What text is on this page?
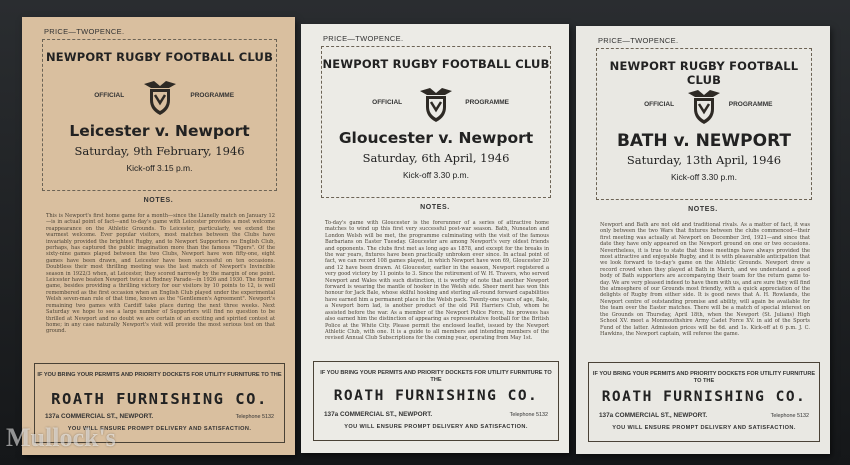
PRICE—TWOPENCE.
NEWPORT RUGBY FOOTBALL CLUB
OFFICIAL	PROGRAMME
Leicester v. Newport
Saturday, 9th February, 1946
Kick-off 3.15 p.m.
NOTES.
This is Newport's first home game for a month—since the Llanelly match on January 12—is in actual point of fact—and to-day's game with Leicester provides a most welcome reappearance on the Athletic Grounds. To Leicester, particularly, we extend the warmest welcome. Ever popular visitors, most matches between the Clubs have invariably provided the brightest Rugby, and to Newport Supporters no English Club, perhaps, has captured the public imagination more than the famous "Tigers". Of the sixty-nine games played between the two Clubs, Newport have won fifty-one, eight games have been drawn, and Leicester have been successful on ten occasions. Doubtless their most thrilling meeting was the last match of Newport's Invincible season in 1922/3 when, at Leicester, they scored narrowly by the margin of one point. Leicester have beaten Newport twice at Rodney Parade—in 1926 and 1930. The former game, besides providing a thrilling victory for our visitors by 10 points to 12, is well remembered as the first occasion when an English Club played under the experimental Welsh seven-man rule of that time, known as the "Gentlemen's Agreement". Newport's remaining two games with Cardiff take place during the next three weeks. Next Saturday we hope to see a large number of Supporters will find no question to be thrilled at Newport and no doubt we are certain of an exciting and spirited contest at home; in any case naturally Newport's visit will provide the most serious test on that ground.
IF YOU BRING YOUR PERMITS AND PRIORITY DOCKETS FOR UTILITY FURNITURE TO THE
ROATH FURNISHING CO.
137a COMMERCIAL ST., NEWPORT.	Telephone 5132
YOU WILL ENSURE PROMPT DELIVERY AND SATISFACTION.
PRICE—TWOPENCE.
NEWPORT RUGBY FOOTBALL CLUB
OFFICIAL	PROGRAMME
Gloucester v. Newport
Saturday, 6th April, 1946
Kick-off 3.30 p.m.
NOTES.
To-day's game with Gloucester is the forerunner of a series of attractive home matches to wind up this first very successful post-war season. Bath, Nuneaton and London Welsh will be met, the programme culminating with the visit of the famous Barbarians on Easter Tuesday. Gloucester are among Newport's very oldest friends and opponents. The clubs first met as long ago as 1878, and except for the breaks in the war years, fixtures have been practically unbroken ever since. In actual point of fact, we can record 108 games played, in which Newport have won 69, Gloucester 20 and 12 have been drawn. At Gloucester, earlier in the season, Newport registered a very good victory by 11 points to 3. Since the retirement of W. H. Travers, who served Newport and Wales with such distinction, it is worthy of note that another Newport forward is wearing the mantle of hooker in the Welsh side. Sheer merit has won this honour for Jack Bale, whose skilful hooking and sterling all-round forward capabilities have earned him a permanent place in the Welsh pack. Twenty-one years of age, Bale, a Newport born lad, is another product of the old Pill Harriers Club, whom he assisted before the war. As a member of the Newport Police Force, his prowess has also earned him the distinction of appearing as representative football for the British Police at the White City. Please permit the enclosed leaflet, issued by the Newport Athletic Club, with one. It is a guide to all members and intending members of the revised Annual Club Subscriptions for the coming year, operating from May 1st.
IF YOU BRING YOUR PERMITS AND PRIORITY DOCKETS FOR UTILITY FURNITURE TO THE
ROATH FURNISHING CO.
137a COMMERCIAL ST., NEWPORT.	Telephone 5132
YOU WILL ENSURE PROMPT DELIVERY AND SATISFACTION.
PRICE—TWOPENCE.
NEWPORT RUGBY FOOTBALL CLUB
OFFICIAL	PROGRAMME
BATH v. NEWPORT
Saturday, 13th April, 1946
Kick-off 3.30 p.m.
NOTES.
Newport and Bath are not old and traditional rivals. As a matter of fact, it was only between the two Wars that fixtures between the clubs commenced—their first meeting was actually at Newport on December 3rd, 1921—and since that date they have only appeared on the Newport ground on one or two occasions. Nevertheless, it is true to state that those meetings have always provided the most attractive and enjoyable Rugby, and it is with pleasurable anticipation that we look forward to to-day's game on the Athletic Grounds. Newport drew a record crowd when they played at Bath in March, and we understand a good body of Bath supporters are accompanying their team for the return game to-day. We are very pleased indeed to have them with us, and are sure they will find the atmosphere of our Grounds most friendly, with a quick appreciation of the delights of Rugby from either side. It is good news that A. H. Rowlands, the Newport centre of outstanding promise and ability, will again be available for the team over the Easter matches. There will be a match of special interest on the Grounds on Thursday, April 18th, when the Newport (St. Julians) High School XV. meet a Monmouthshire Army Cadet Force XV. in aid of the Sports Fund of the latter. Admission prices will be 6d. and 1s. Kick-off at 6 p.m. J. C. Hawkins, the Newport captain, will referee the game.
IF YOU BRING YOUR PERMITS AND PRIORITY DOCKETS FOR UTILITY FURNITURE TO THE
ROATH FURNISHING CO.
137a COMMERCIAL ST., NEWPORT.	Telephone 5132
YOU WILL ENSURE PROMPT DELIVERY AND SATISFACTION.
Mullock's
